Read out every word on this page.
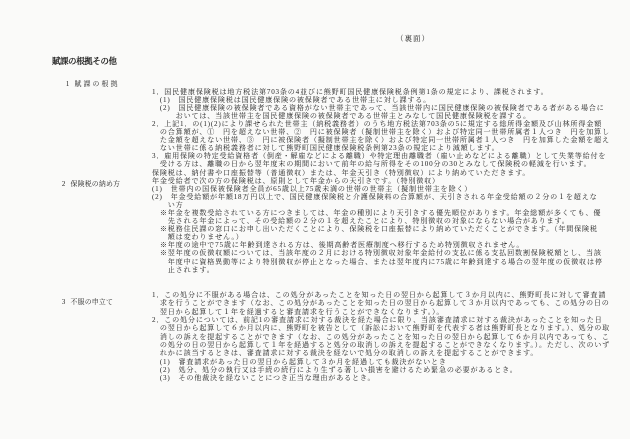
（裏面）
賦課の根拠その他

1 賦 課 の 根 拠

2 保険税の納め方

3 不服の申立て

1．国民健康保険税は地方税法第703条の4並びに熊野町国民健康保険税条例第1条の規定により、課税されます。
　(1)　国民健康保険税は国民健康保険の被保険者である世帯主に対し課する。
　(2)　国民健康保険の被保険者である資格がない世帯主であって、当該世帯内に国民健康保険の被保険者である者がある場合に
　　　おいては、当該世帯主を国民健康保険の被保険者である世帯主とみなして国民健康保険税を課する。
2．上記1．の(1)(2)により課せられた世帯主（納税義務者）のうち地方税法第703条の5に規定する総所得金額及び山林所得金額
　の合算額が、①　円を超えない世帯、②　円に被保険者（擬制世帯主を除く）および特定同一世帯所属者１人つき　円を加算し
　た金額を超えない世帯、③　円に被保険者（擬制世帯主を除く）および特定同一世帯所属者１人つき　円を加算した金額を超え
　ない世帯に係る納税義務者に対して熊野町国民健康保険税条例第23条の規定により減額します。
3．雇用保険の特定受給資格者（倒産・解雇などによる離職）や特定理由離職者（雇い止めなどによる離職）として失業等給付を
　受ける方は、離職の日から翌年度末の期間において前年の給与所得をその100分の30とみなして保険税の軽減を行います。
保険税は、納付書や口座振替等（普通徴収）または、年金天引き（特別徴収）により納めていただきます。
年金受給者で次の方の保険税は、原則として年金からの天引きです。（特別徴収）
(1)　世帯内の国保被保険者全員が65歳以上75歳未満の世帯の世帯主（擬制世帯主を除く）
(2)　年金受給額が年額18万円以上で、国民健康保険税と介護保険料の合算額が、天引きされる年金受給額の２分の１を超えな
　　い方
　※年金を複数受給されている方につきましては、年金の種別により天引きする優先順位があります。年金総額が多くても、優
　　先される年金によって、その受給額の２分の１を超えたことにより、特別徴収の対象にならない場合があります。
　※税務住民課の窓口にお申し出いただくことにより、保険税を口座振替により納めていただくことができます。（年間保険税
　　額は変わりません。）
　※年度の途中で75歳に年齢到達される方は、後期高齢者医療制度へ移行するため特別徴収されません。
　※翌年度の仮徴収額については、当該年度の２月における特別徴収対象年金給付の支払に係る支払回数割保険税額とし、当該
　　年度中に資格異動等により特別徴収が停止となった場合、または翌年度内に75歳に年齢到達する場合の翌年度の仮徴収は停
　　止されます。
1．この処分に不服がある場合は、この処分があったことを知った日の翌日から起算して３か月以内に、熊野町長に対して審査請
　求を行うことができます（なお、この処分があったことを知った日の翌日から起算して３か月以内であっても、この処分の日の
　翌日から起算して１年を経過すると審査請求を行うことができなくなります。）。
2．この処分については、前記1の審査請求に対する裁決を経た場合に限り、当該審査請求に対する裁決があったことを知った日
　の翌日から起算して６か月以内に、熊野町を被告として（訴訟において熊野町を代表する者は熊野町長となります。）、処分の取
　消しの訴えを提起することができます（なお、この処分があったことを知った日の翌日から起算して６か月以内であっても、こ
　の処分の日の翌日から起算して１年を経過すると処分の取消しの訴えを提起することができなくなります。）。ただし、次のいず
　れかに該当するときは、審査請求に対する裁決を経ないで処分の取消しの訴えを提起することができます。
　(1)　審査請求があった日の翌日から起算して３か月を経過しても裁決がないとき
　(2)　処分、処分の執行又は手続の続行により生ずる著しい損害を避けるため緊急の必要があるとき。
　(3)　その他裁決を経ないことにつき正当な理由があるとき。
